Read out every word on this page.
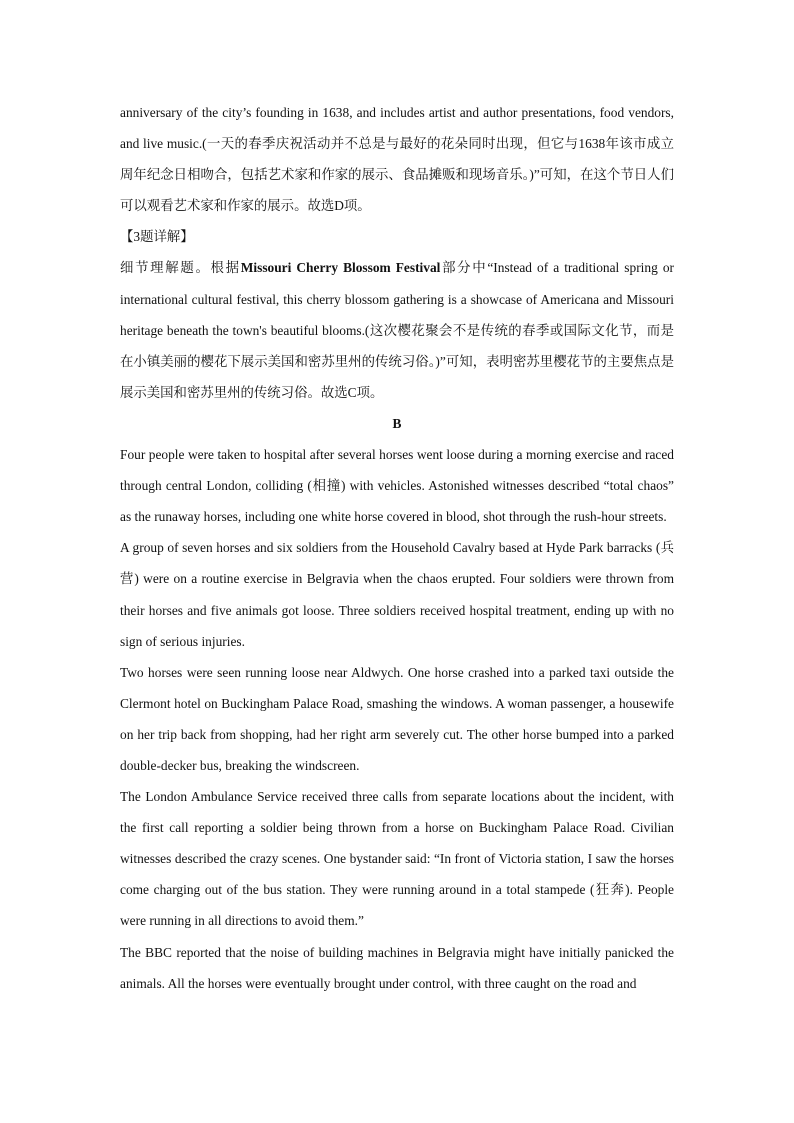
anniversary of the city’s founding in 1638, and includes artist and author presentations, food vendors, and live music.(一天的春季庆祝活动并不总是与最好的花朵同时出现，但它与1638年该市成立周年纪念日相吻合，包括艺术家和作家的展示、食品摊贩和现场音乐。)”可知，在这个节日人们可以观看艺术家和作家的展示。故选D项。

【3题详解】

细节理解题。根据Missouri Cherry Blossom Festival部分中“Instead of a traditional spring or international cultural festival, this cherry blossom gathering is a showcase of Americana and Missouri heritage beneath the town's beautiful blooms.(这次樱花聚会不是传统的春季或国际文化节，而是在小镇美丽的樱花下展示美国和密苏里州的传统习俗。)”可知，表明密苏里樱花节的主要焦点是展示美国和密苏里州的传统习俗。故选C项。

B

Four people were taken to hospital after several horses went loose during a morning exercise and raced through central London, colliding (相撞) with vehicles. Astonished witnesses described “total chaos” as the runaway horses, including one white horse covered in blood, shot through the rush-hour streets.

A group of seven horses and six soldiers from the Household Cavalry based at Hyde Park barracks (兵营) were on a routine exercise in Belgravia when the chaos erupted. Four soldiers were thrown from their horses and five animals got loose. Three soldiers received hospital treatment, ending up with no sign of serious injuries.

Two horses were seen running loose near Aldwych. One horse crashed into a parked taxi outside the Clermont hotel on Buckingham Palace Road, smashing the windows. A woman passenger, a housewife on her trip back from shopping, had her right arm severely cut. The other horse bumped into a parked double-decker bus, breaking the windscreen.

The London Ambulance Service received three calls from separate locations about the incident, with the first call reporting a soldier being thrown from a horse on Buckingham Palace Road. Civilian witnesses described the crazy scenes. One bystander said: “In front of Victoria station, I saw the horses come charging out of the bus station. They were running around in a total stampede (狂奔). People were running in all directions to avoid them.”

The BBC reported that the noise of building machines in Belgravia might have initially panicked the animals. All the horses were eventually brought under control, with three caught on the road and
